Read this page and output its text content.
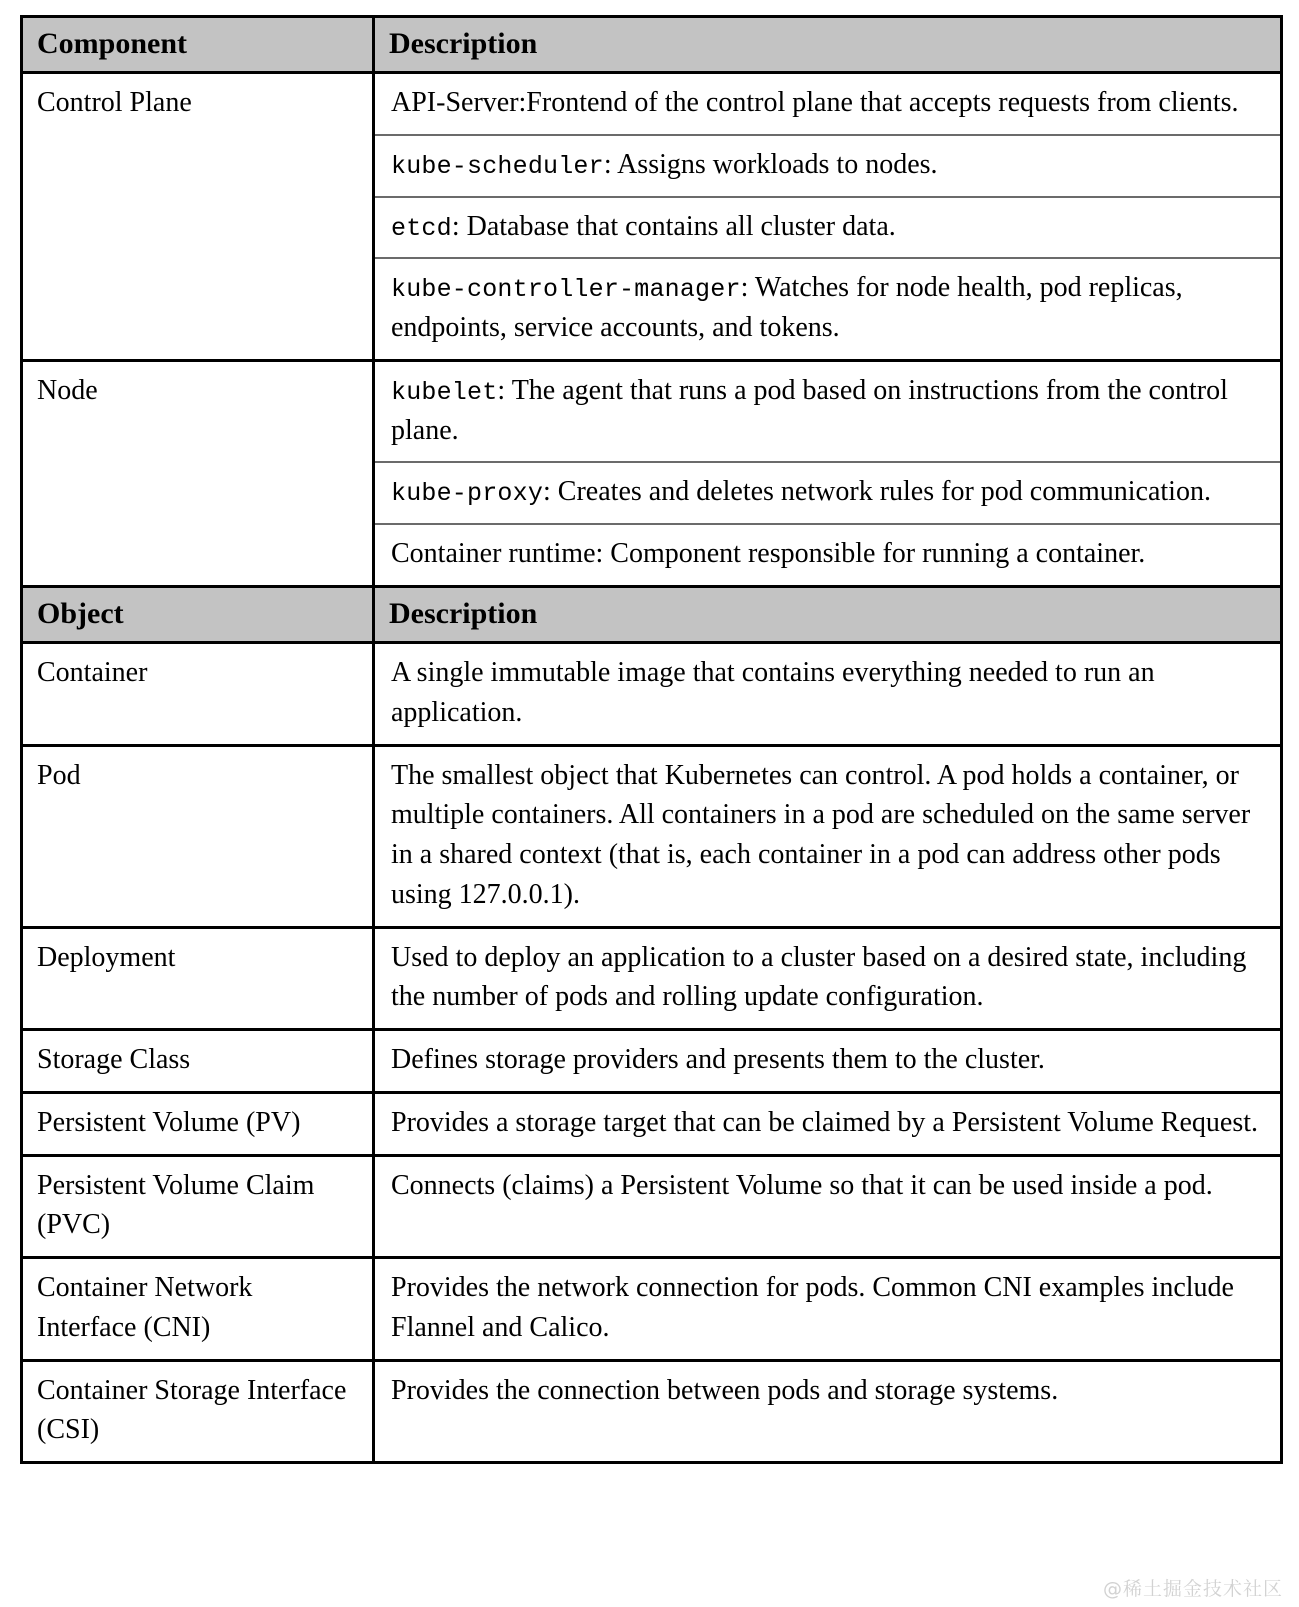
Component	Description
Control Plane	API-Server:Frontend of the control plane that accepts requests from clients.
kube-scheduler: Assigns workloads to nodes.
etcd: Database that contains all cluster data.
kube-controller-manager: Watches for node health, pod replicas, endpoints, service accounts, and tokens.

Node	kubelet: The agent that runs a pod based on instructions from the control plane.
kube-proxy: Creates and deletes network rules for pod communication.
Container runtime: Component responsible for running a container.

Object	Description
Container	A single immutable image that contains everything needed to run an application.

Pod	The smallest object that Kubernetes can control. A pod holds a container, or multiple containers. All containers in a pod are scheduled on the same server in a shared context (that is, each container in a pod can address other pods using 127.0.0.1).

Deployment	Used to deploy an application to a cluster based on a desired state, including the number of pods and rolling update configuration.

Storage Class	Defines storage providers and presents them to the cluster.

Persistent Volume (PV)	Provides a storage target that can be claimed by a Persistent Volume Request.

Persistent Volume Claim (PVC)	Connects (claims) a Persistent Volume so that it can be used inside a pod.

Container Network Interface (CNI)	Provides the network connection for pods. Common CNI examples include Flannel and Calico.

Container Storage Interface (CSI)	Provides the connection between pods and storage systems.
@稀土掘金技术社区
